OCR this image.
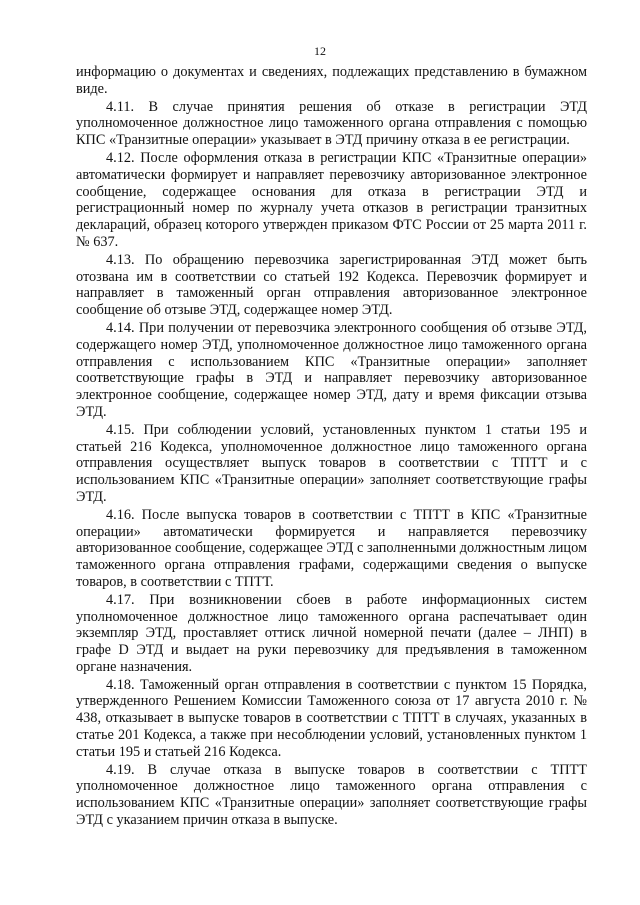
12

информацию о документах и сведениях, подлежащих представлению в бумажном виде.

4.11. В случае принятия решения об отказе в регистрации ЭТД уполномоченное должностное лицо таможенного органа отправления с помощью КПС «Транзитные операции» указывает в ЭТД причину отказа в ее регистрации.

4.12. После оформления отказа в регистрации КПС «Транзитные операции» автоматически формирует и направляет перевозчику авторизованное электронное сообщение, содержащее основания для отказа в регистрации ЭТД и регистрационный номер по журналу учета отказов в регистрации транзитных деклараций, образец которого утвержден приказом ФТС России от 25 марта 2011 г. № 637.

4.13. По обращению перевозчика зарегистрированная ЭТД может быть отозвана им в соответствии со статьей 192 Кодекса. Перевозчик формирует и направляет в таможенный орган отправления авторизованное электронное сообщение об отзыве ЭТД, содержащее номер ЭТД.

4.14. При получении от перевозчика электронного сообщения об отзыве ЭТД, содержащего номер ЭТД, уполномоченное должностное лицо таможенного органа отправления с использованием КПС «Транзитные операции» заполняет соответствующие графы в ЭТД и направляет перевозчику авторизованное электронное сообщение, содержащее номер ЭТД, дату и время фиксации отзыва ЭТД.

4.15. При соблюдении условий, установленных пунктом 1 статьи 195 и статьей 216 Кодекса, уполномоченное должностное лицо таможенного органа отправления осуществляет выпуск товаров в соответствии с ТПТТ и с использованием КПС «Транзитные операции» заполняет соответствующие графы ЭТД.

4.16. После выпуска товаров в соответствии с ТПТТ в КПС «Транзитные операции» автоматически формируется и направляется перевозчику авторизованное сообщение, содержащее ЭТД с заполненными должностным лицом таможенного органа отправления графами, содержащими сведения о выпуске товаров, в соответствии с ТПТТ.

4.17. При возникновении сбоев в работе информационных систем уполномоченное должностное лицо таможенного органа распечатывает один экземпляр ЭТД, проставляет оттиск личной номерной печати (далее – ЛНП) в графе D ЭТД и выдает на руки перевозчику для предъявления в таможенном органе назначения.

4.18. Таможенный орган отправления в соответствии с пунктом 15 Порядка, утвержденного Решением Комиссии Таможенного союза от 17 августа 2010 г. № 438, отказывает в выпуске товаров в соответствии с ТПТТ в случаях, указанных в статье 201 Кодекса, а также при несоблюдении условий, установленных пунктом 1 статьи 195 и статьей 216 Кодекса.

4.19. В случае отказа в выпуске товаров в соответствии с ТПТТ уполномоченное должностное лицо таможенного органа отправления с использованием КПС «Транзитные операции» заполняет соответствующие графы ЭТД с указанием причин отказа в выпуске.
